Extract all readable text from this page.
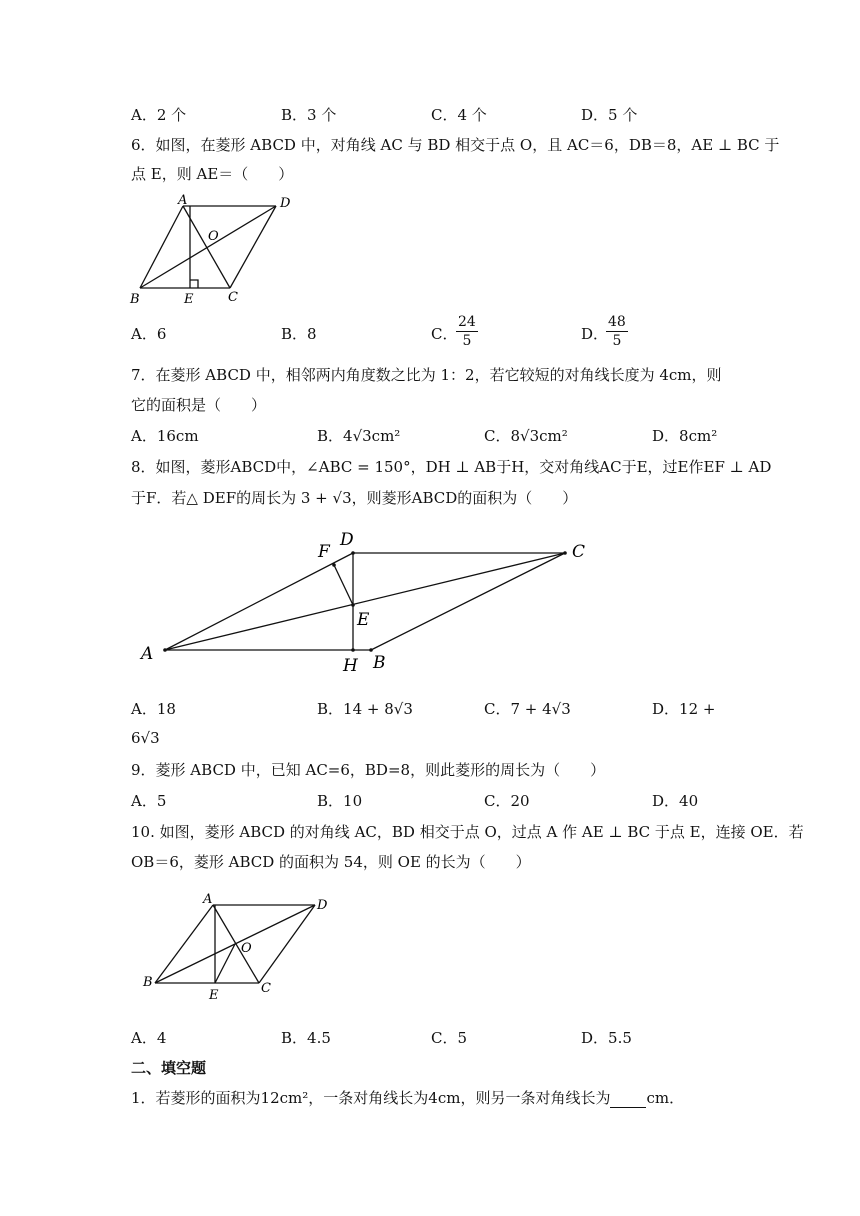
A．2 个	B．3 个	C．4 个	D．5 个
6．如图，在菱形 ABCD 中，对角线 AC 与 BD 相交于点 O，且 AC＝6，DB＝8，AE ⊥ BC 于
点 E，则 AE＝（　　）
A	D
O
B	E	C
A．6	B．8	C．
$\frac{24}{5}$	D．
$\frac{48}{5}$
7．在菱形 ABCD 中，相邻两内角度数之比为 1：2，若它较短的对角线长度为 4cm，则
它的面积是（　　）
A．16cm	B．4√3cm²	C．8√3cm²	D．8cm²
8．如图，菱形ABCD中，∠ABC = 150°，DH ⊥ AB于H，交对角线AC于E，过E作EF ⊥ AD
于F．若△ DEF的周长为 3 + √3，则菱形ABCD的面积为（　　）
A	B
C
D
E
F
H
A．18	B．14 + 8√3	C．7 + 4√3	D．12 +
6√3
9．菱形 ABCD 中，已知 AC=6，BD=8，则此菱形的周长为（　　）
A．5	B．10	C．20	D．40
10. 如图，菱形 ABCD 的对角线 AC，BD 相交于点 O，过点 A 作 AE ⊥ BC 于点 E，连接 OE．若
OB＝6，菱形 ABCD 的面积为 54，则 OE 的长为（　　）
A	D
O
B
E	C
A．4	B．4.5	C．5	D．5.5
二、填空题
1．若菱形的面积为12cm²，一条对角线长为4cm，则另一条对角线长为 cm．
